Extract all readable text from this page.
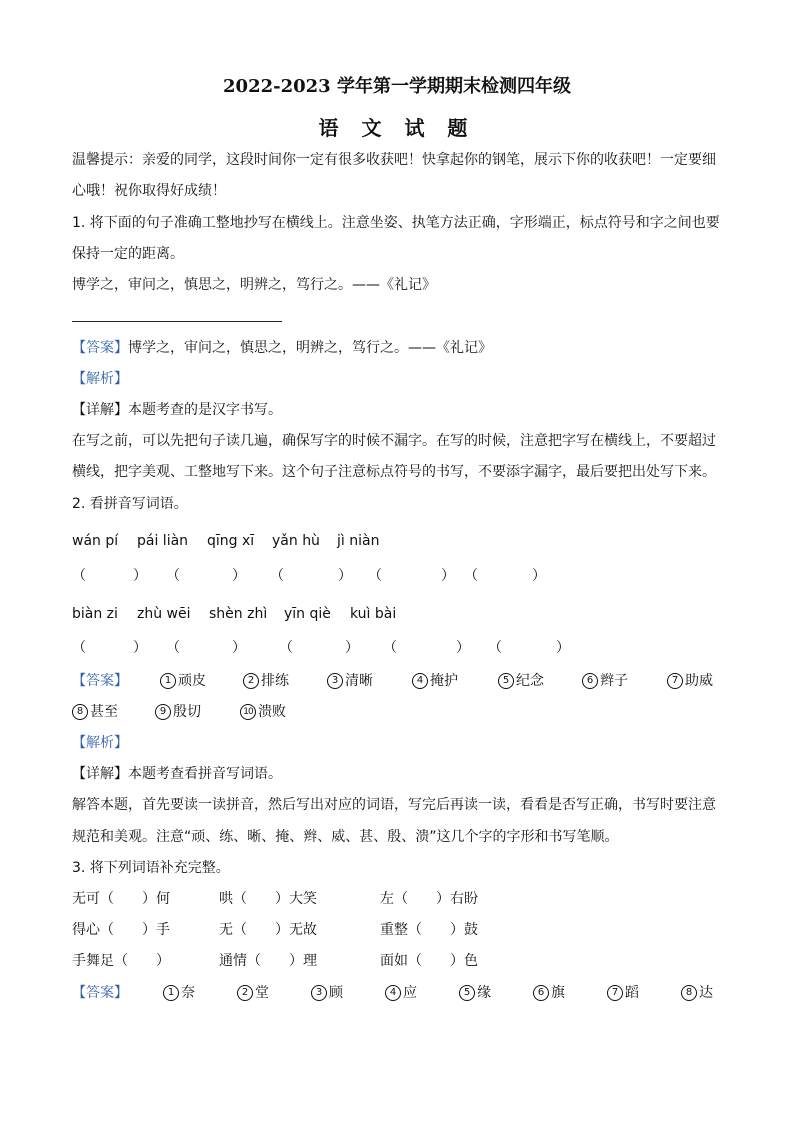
2022-2023 学年第一学期期末检测四年级
语 文 试 题
温馨提示：亲爱的同学，这段时间你一定有很多收获吧！快拿起你的钢笔，展示下你的收获吧！一定要细
心哦！祝你取得好成绩！
1. 将下面的句子准确工整地抄写在横线上。注意坐姿、执笔方法正确，字形端正，标点符号和字之间也要
保持一定的距离。
博学之，审问之，慎思之，明辨之，笃行之。——《礼记》
【答案】博学之，审问之，慎思之，明辨之，笃行之。——《礼记》
【解析】
【详解】本题考查的是汉字书写。
在写之前，可以先把句子读几遍，确保写字的时候不漏字。在写的时候，注意把字写在横线上，不要超过
横线，把字美观、工整地写下来。这个句子注意标点符号的书写，不要添字漏字，最后要把出处写下来。
2. 看拼音写词语。
wán pí pái liàn qīng xī yǎn hù jì niàn
（	） （	） （	） （	） （	）
biàn zi zhù wēi shèn zhì yīn qiè kuì bài
（	） （	） （	） （	） （	）
【答案】	1 顽皮	2 排练	3 清晰	4 掩护	5 纪念	6 辫子	7 助威
8 甚至	9 殷切	10 溃败
【解析】
【详解】本题考查看拼音写词语。
解答本题，首先要读一读拼音，然后写出对应的词语，写完后再读一读，看看是否写正确，书写时要注意
规范和美观。注意“顽、练、晰、掩、辫、威、甚、殷、溃”这几个字的字形和书写笔顺。
3. 将下列词语补充完整。
无可（　　）何	哄（　　）大笑	左（　　）右盼
得心（　　）手	无（　　）无故	重整（　　）鼓
手舞足（　　）	通情（　　）理	面如（　　）色
【答案】	1 奈	2 堂	3 顾	4 应	5 缘	6 旗	7 蹈	8 达
